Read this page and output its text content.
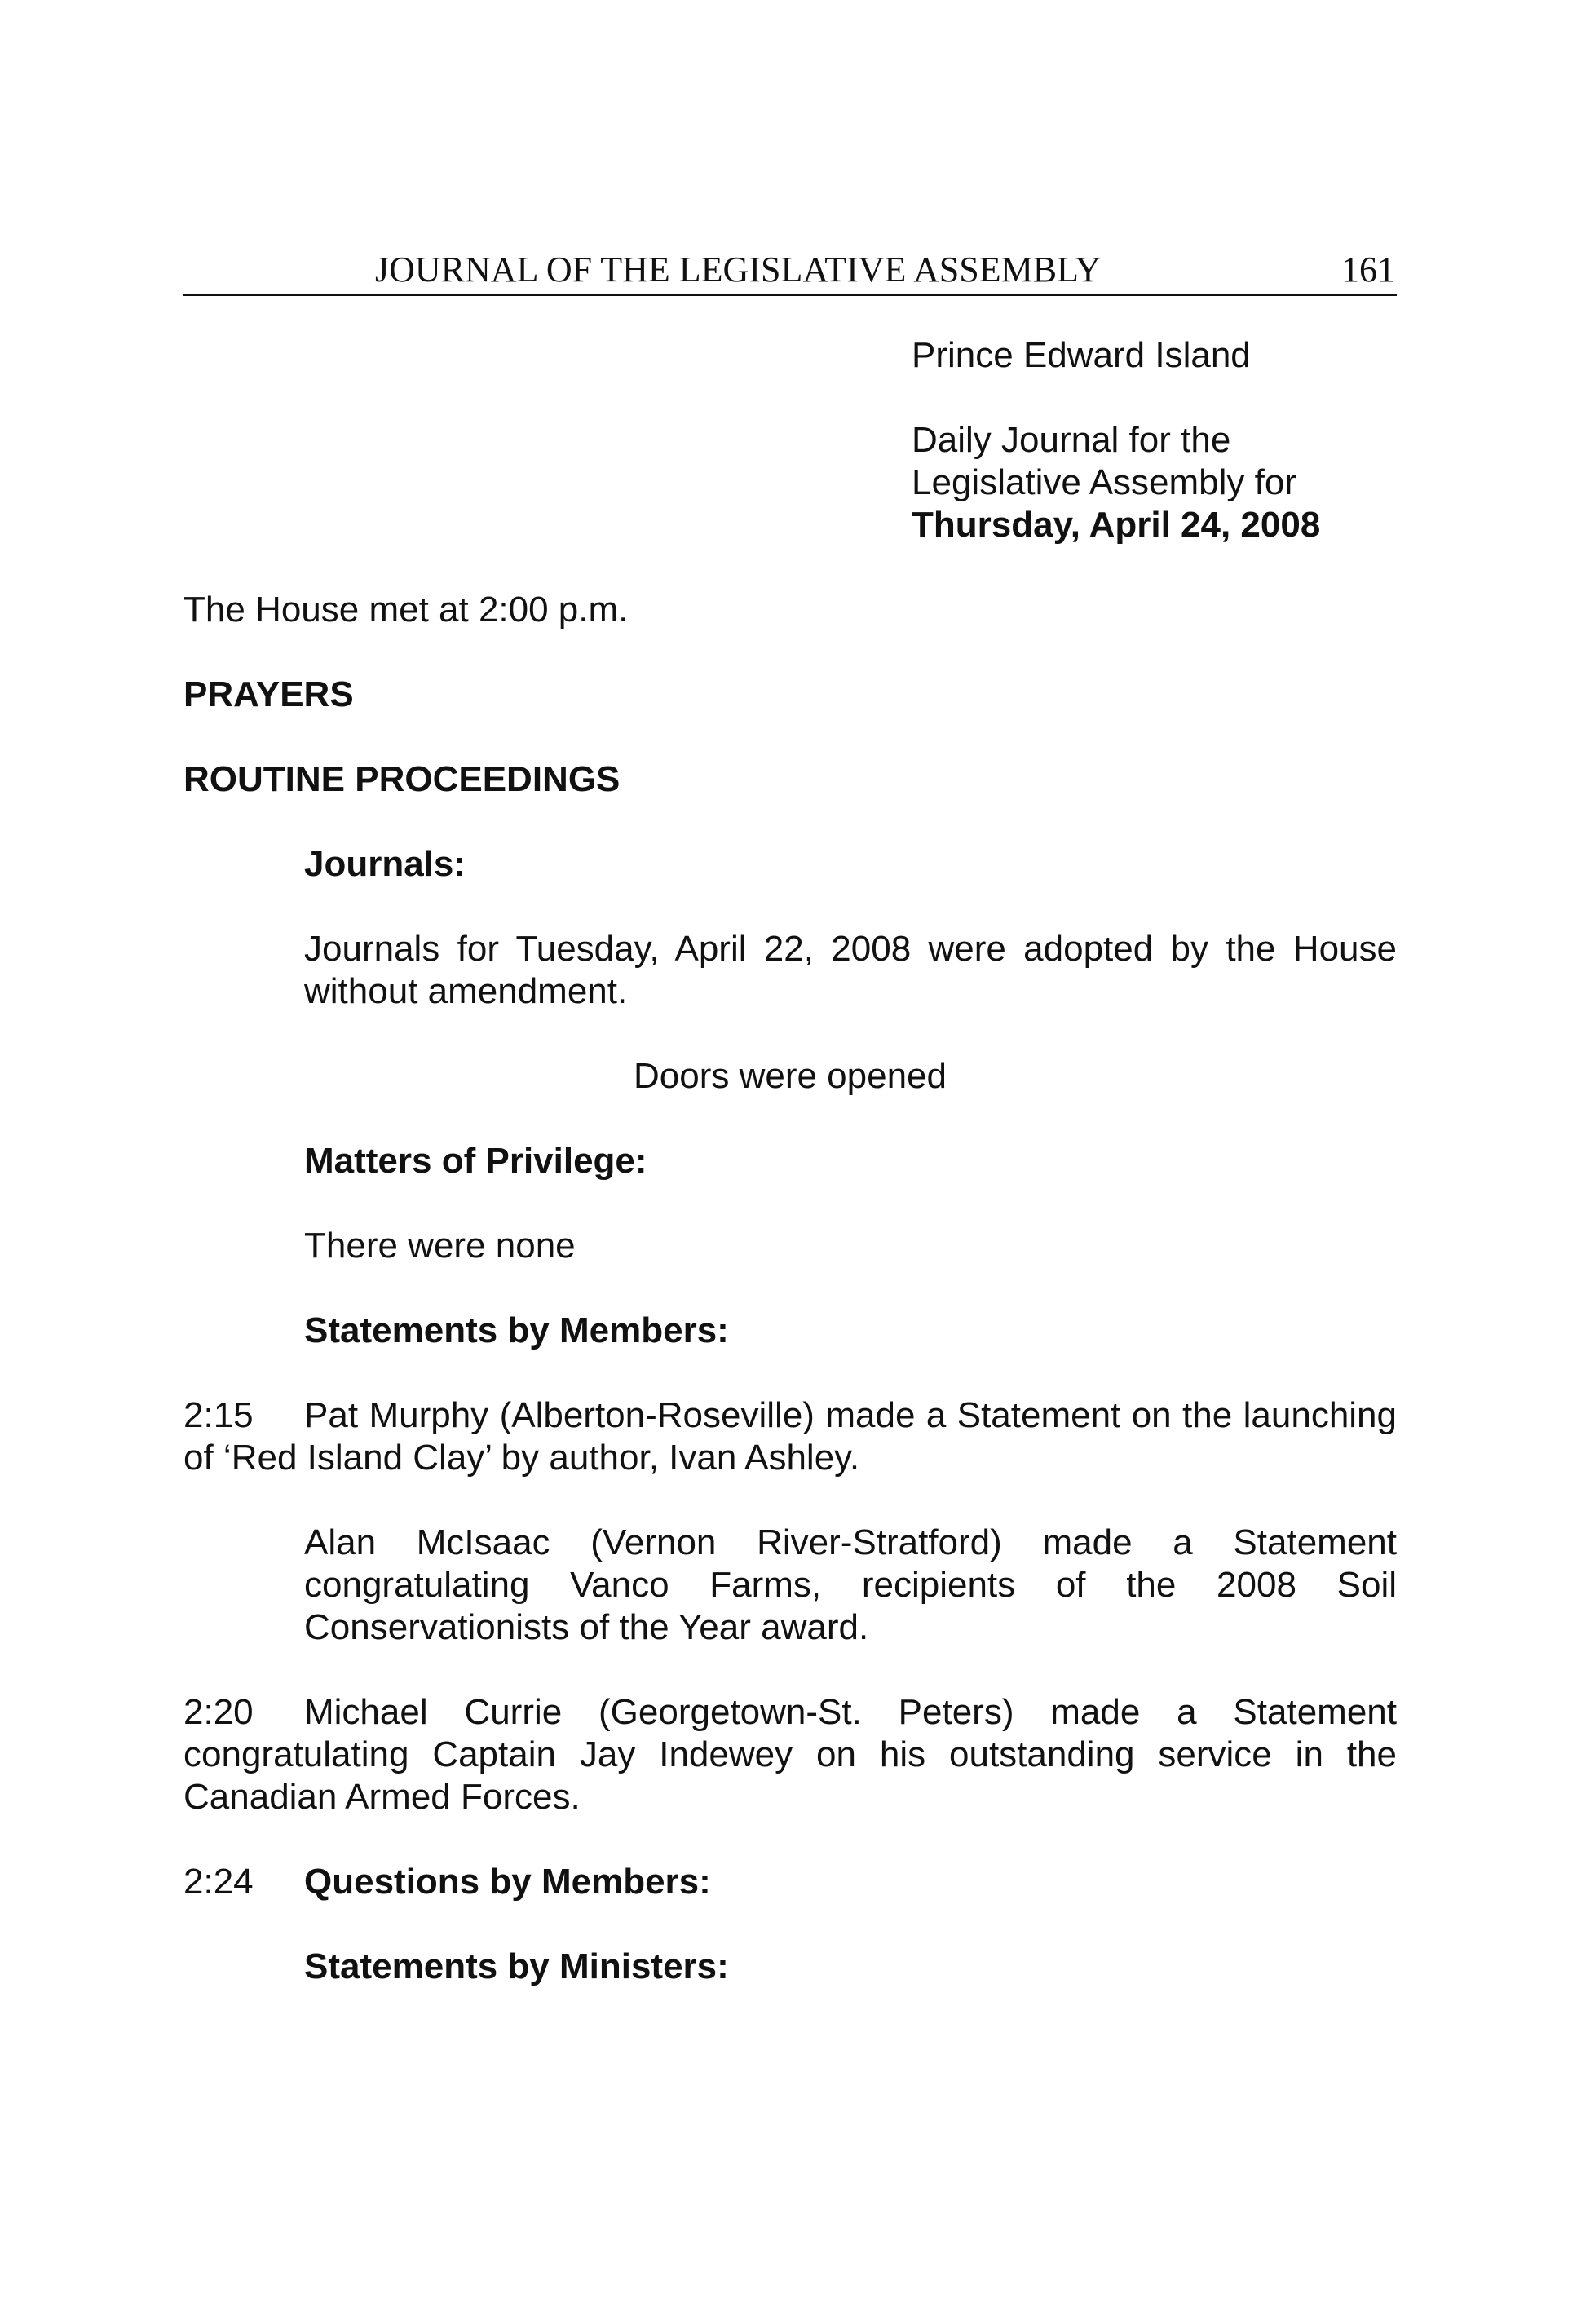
JOURNAL OF THE LEGISLATIVE ASSEMBLY	161
Prince Edward Island
Daily Journal for the
Legislative Assembly for
Thursday, April 24, 2008
The House met at 2:00 p.m.
PRAYERS
ROUTINE PROCEEDINGS
Journals:
Journals for Tuesday, April 22, 2008 were adopted by the House
without amendment.
Doors were opened
Matters of Privilege:
There were none
Statements by Members:
2:15 Pat Murphy (Alberton-Roseville) made a Statement on the launching
of ‘Red Island Clay’ by author, Ivan Ashley.
Alan McIsaac (Vernon River-Stratford) made a Statement
congratulating Vanco Farms, recipients of the 2008 Soil
Conservationists of the Year award.
2:20 Michael Currie (Georgetown-St. Peters) made a Statement
congratulating Captain Jay Indewey on his outstanding service in the
Canadian Armed Forces.
2:24 Questions by Members:
Statements by Ministers:
